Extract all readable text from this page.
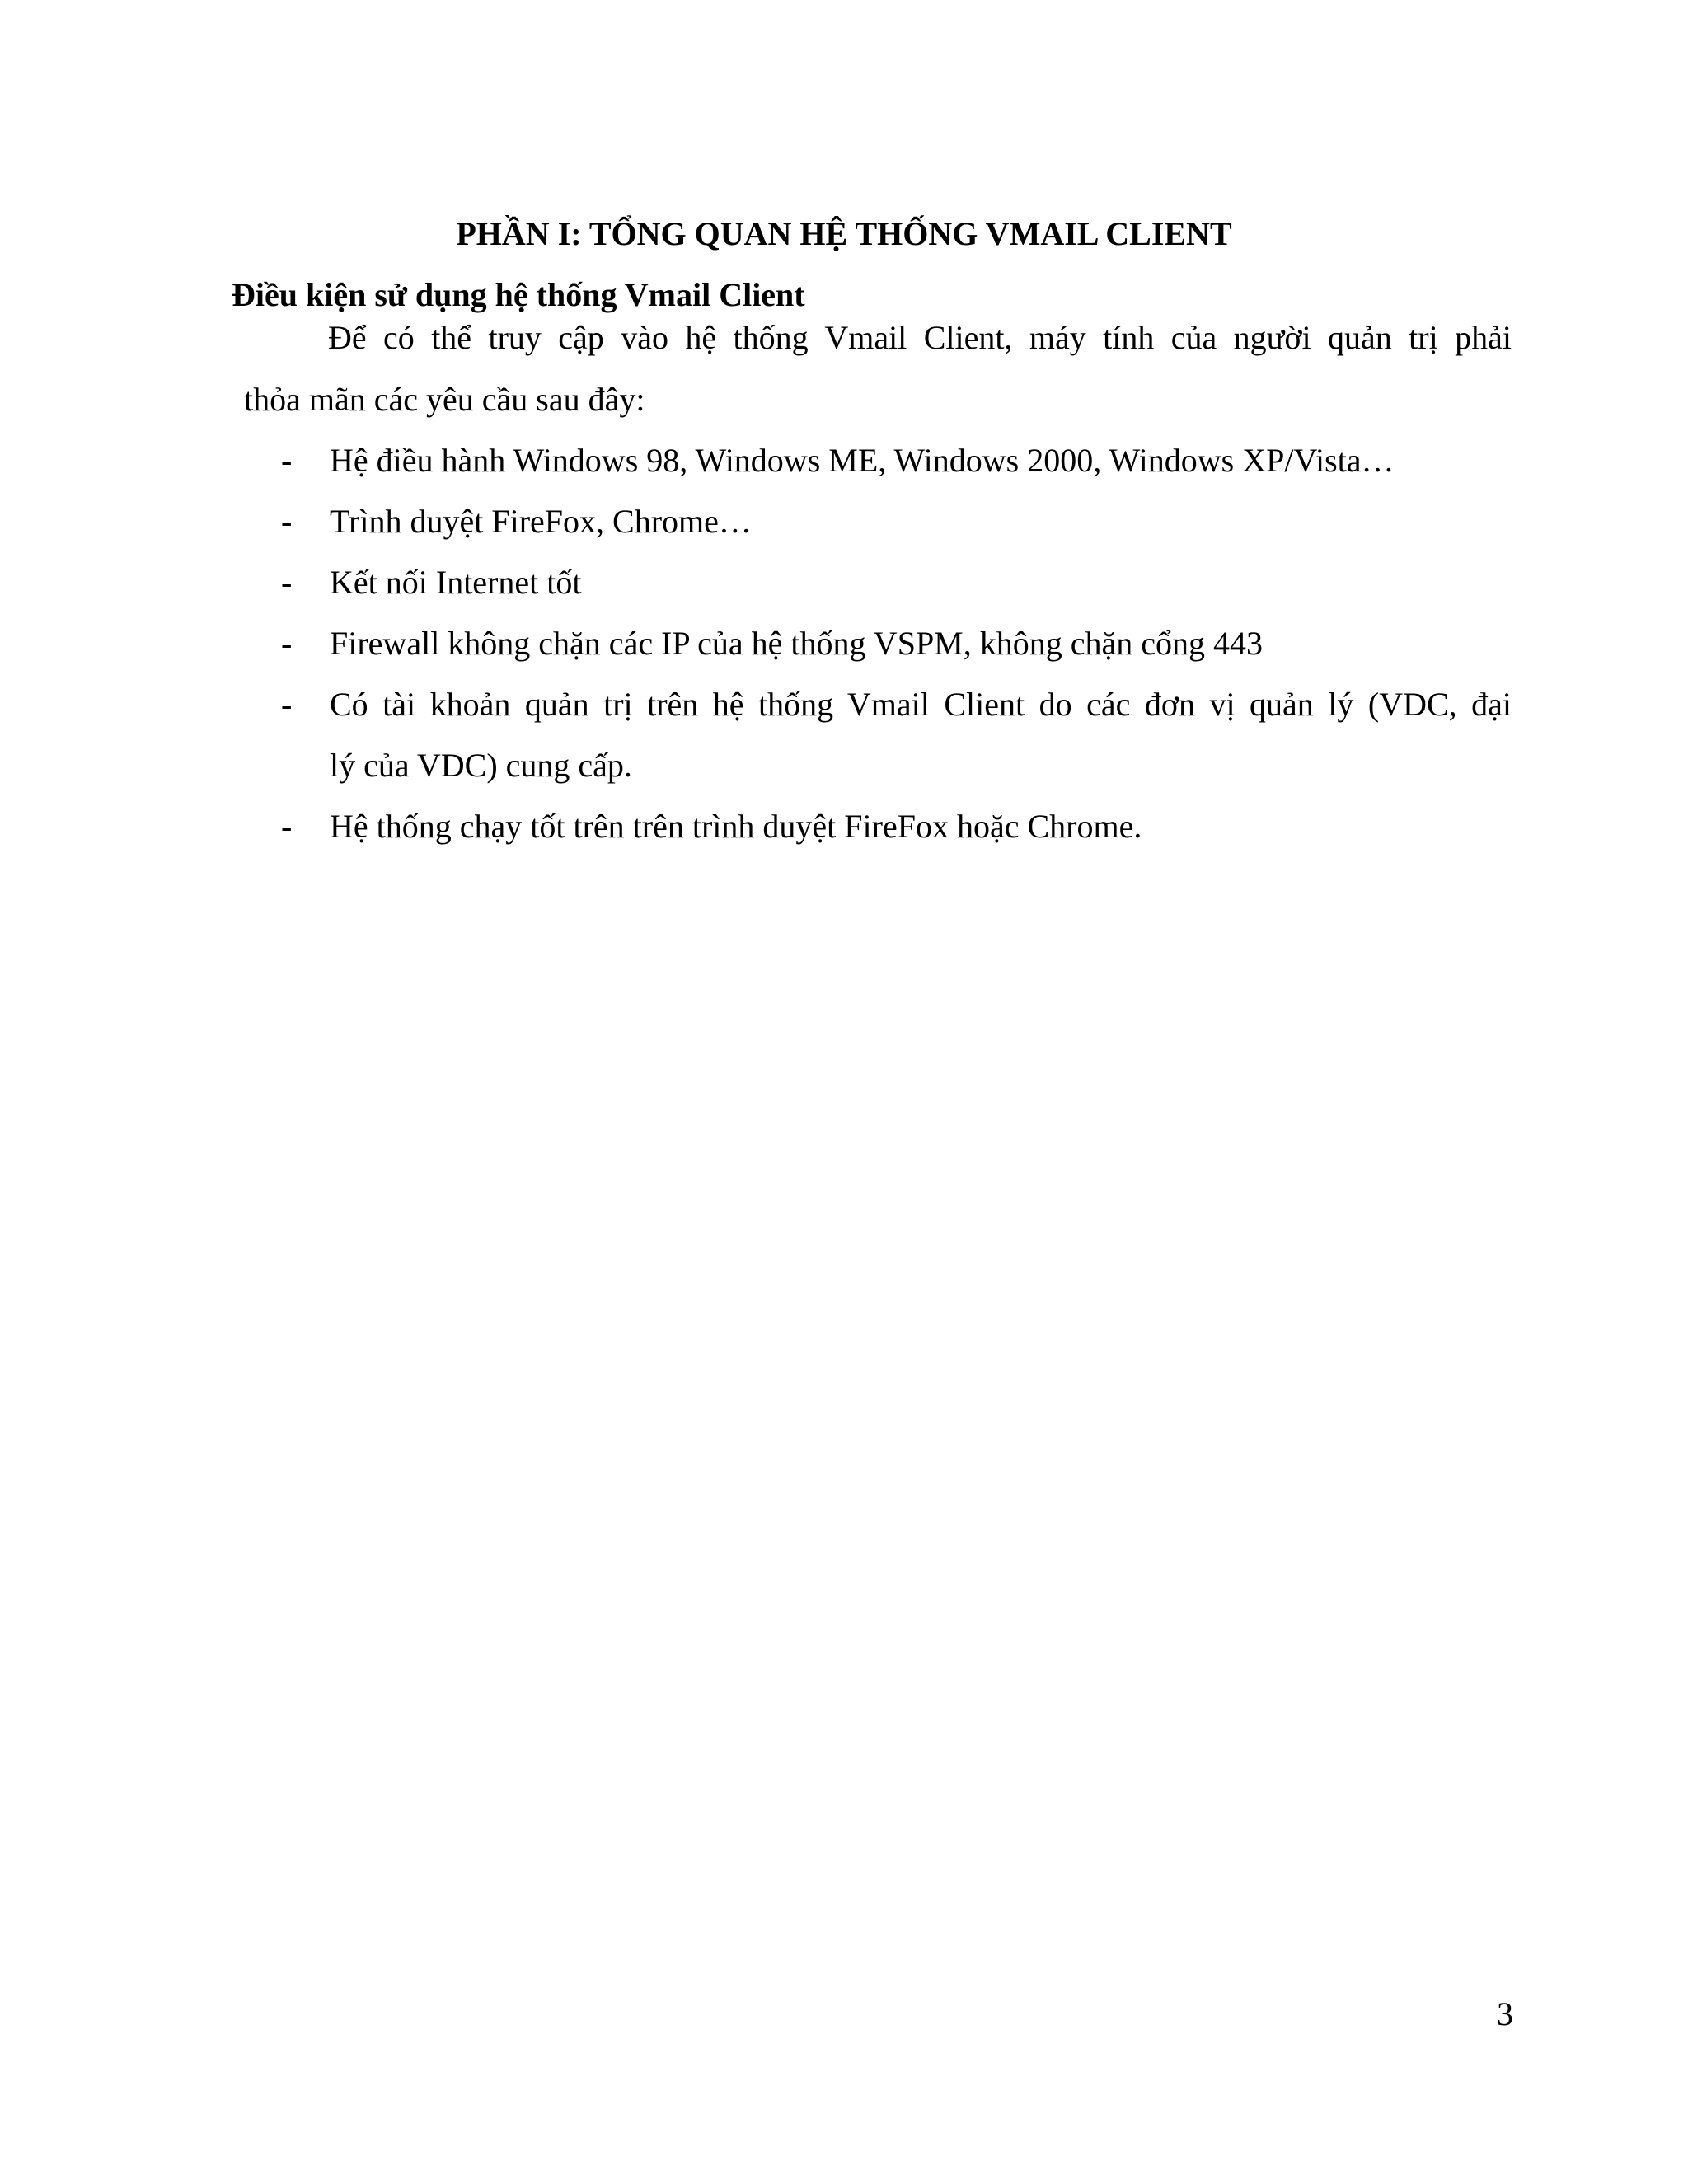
PHẦN I: TỔNG QUAN HỆ THỐNG VMAIL CLIENT
Điều kiện sử dụng hệ thống Vmail Client
Để có thể truy cập vào hệ thống Vmail Client, máy tính của người quản trị phải
thỏa mãn các yêu cầu sau đây:
- Hệ điều hành Windows 98, Windows ME, Windows 2000, Windows XP/Vista…
- Trình duyệt FireFox, Chrome…
- Kết nối Internet tốt
- Firewall không chặn các IP của hệ thống VSPM, không chặn cổng 443
- Có tài khoản quản trị trên hệ thống Vmail Client do các đơn vị quản lý (VDC, đại
lý của VDC) cung cấp.
- Hệ thống chạy tốt trên trên trình duyệt FireFox hoặc Chrome.
3
